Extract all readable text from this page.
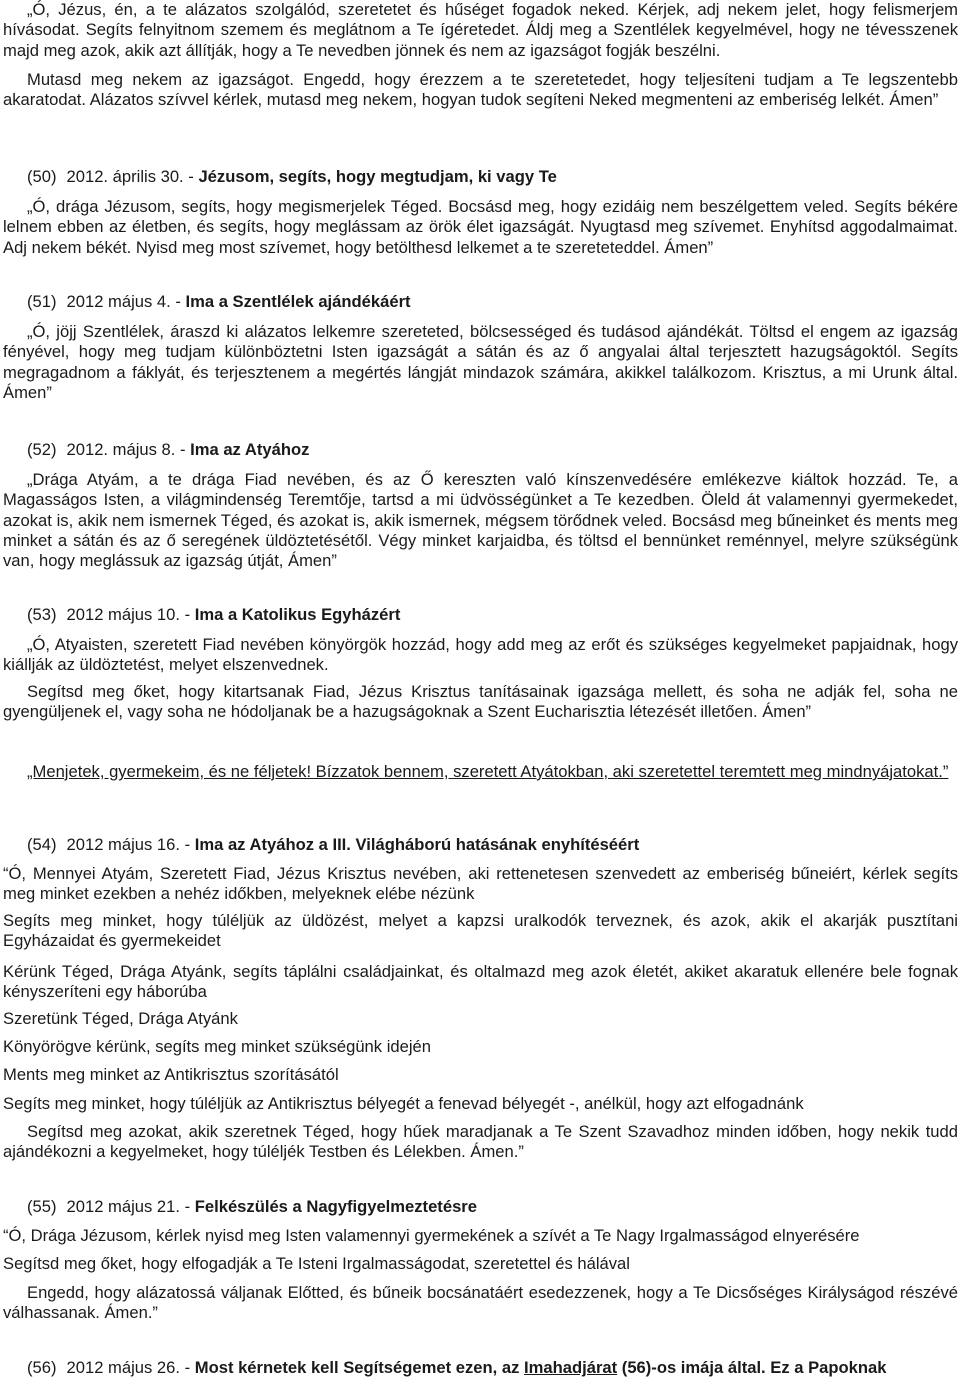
„Ó, Jézus, én, a te alázatos szolgálód, szeretetet és hűséget fogadok neked. Kérjek, adj nekem jelet, hogy felismerjem hívásodat. Segíts felnyitnom szemem és meglátnom a Te ígéretedet. Áldj meg a Szentlélek kegyelmével, hogy ne tévesszenek majd meg azok, akik azt állítják, hogy a Te nevedben jönnek és nem az igazságot fogják beszélni.

Mutasd meg nekem az igazságot. Engedd, hogy érezzem a te szeretetedet, hogy teljesíteni tudjam a Te legszentebb akaratodat. Alázatos szívvel kérlek, mutasd meg nekem, hogyan tudok segíteni Neked megmenteni az emberiség lelkét. Ámen”

(50) 2012. április 30. - Jézusom, segíts, hogy megtudjam, ki vagy Te

„Ó, drága Jézusom, segíts, hogy megismerjelek Téged. Bocsásd meg, hogy ezidáig nem beszélgettem veled. Segíts békére lelnem ebben az életben, és segíts, hogy meglássam az örök élet igazságát. Nyugtasd meg szívemet. Enyhítsd aggodalmaimat. Adj nekem békét. Nyisd meg most szívemet, hogy betölthesd lelkemet a te szereteteddel. Ámen”

(51) 2012 május 4. - Ima a Szentlélek ajándékáért

„Ó, jöjj Szentlélek, áraszd ki alázatos lelkemre szereteted, bölcsességed és tudásod ajándékát. Töltsd el engem az igazság fényével, hogy meg tudjam különböztetni Isten igazságát a sátán és az ő angyalai által terjesztett hazugságoktól. Segíts megragadnom a fáklyát, és terjesztenem a megértés lángját mindazok számára, akikkel találkozom. Krisztus, a mi Urunk által. Ámen”

(52) 2012. május 8. - Ima az Atyához

„Drága Atyám, a te drága Fiad nevében, és az Ő kereszten való kínszenvedésére emlékezve kiáltok hozzád. Te, a Magasságos Isten, a világmindenség Teremtője, tartsd a mi üdvösségünket a Te kezedben. Öleld át valamennyi gyermekedet, azokat is, akik nem ismernek Téged, és azokat is, akik ismernek, mégsem törődnek veled. Bocsásd meg bűneinket és ments meg minket a sátán és az ő seregének üldöztetésétől. Végy minket karjaidba, és töltsd el bennünket reménnyel, melyre szükségünk van, hogy meglássuk az igazság útját, Ámen”

(53) 2012 május 10. - Ima a Katolikus Egyházért

„Ó, Atyaisten, szeretett Fiad nevében könyörgök hozzád, hogy add meg az erőt és szükséges kegyelmeket papjaidnak, hogy kiállják az üldöztetést, melyet elszenvednek.

Segítsd meg őket, hogy kitartsanak Fiad, Jézus Krisztus tanításainak igazsága mellett, és soha ne adják fel, soha ne gyengüljenek el, vagy soha ne hódoljanak be a hazugságoknak a Szent Eucharisztia létezését illetően. Ámen”

„Menjetek, gyermekeim, és ne féljetek! Bízzatok bennem, szeretett Atyátokban, aki szeretettel teremtett meg mindnyájatokat.”

(54) 2012 május 16. - Ima az Atyához a III. Világháború hatásának enyhítéséért

“Ó, Mennyei Atyám, Szeretett Fiad, Jézus Krisztus nevében, aki rettenetesen szenvedett az emberiség bűneiért, kérlek segíts meg minket ezekben a nehéz időkben, melyeknek elébe nézünk

Segíts meg minket, hogy túléljük az üldözést, melyet a kapzsi uralkodók terveznek, és azok, akik el akarják pusztítani Egyházaidat és gyermekeidet

Kérünk Téged, Drága Atyánk, segíts táplálni családjainkat, és oltalmazd meg azok életét, akiket akaratuk ellenére bele fognak kényszeríteni egy háborúba

Szeretünk Téged, Drága Atyánk

Könyörögve kérünk, segíts meg minket szükségünk idején

Ments meg minket az Antikrisztus szorításától

Segíts meg minket, hogy túléljük az Antikrisztus bélyegét a fenevad bélyegét -, anélkül, hogy azt elfogadnánk

Segítsd meg azokat, akik szeretnek Téged, hogy hűek maradjanak a Te Szent Szavadhoz minden időben, hogy nekik tudd ajándékozni a kegyelmeket, hogy túléljék Testben és Lélekben. Ámen.”

(55) 2012 május 21. - Felkészülés a Nagyfigyelmeztetésre

“Ó, Drága Jézusom, kérlek nyisd meg Isten valamennyi gyermekének a szívét a Te Nagy Irgalmasságod elnyerésére

Segítsd meg őket, hogy elfogadják a Te Isteni Irgalmasságodat, szeretettel és hálával

Engedd, hogy alázatossá váljanak Előtted, és bűneik bocsánatáért esedezzenek, hogy a Te Dicsőséges Királyságod részévé válhassanak. Ámen.”

(56) 2012 május 26. - Most kérnetek kell Segítségemet ezen, az Imahadjárat (56)-os imája által. Ez a Papoknak
